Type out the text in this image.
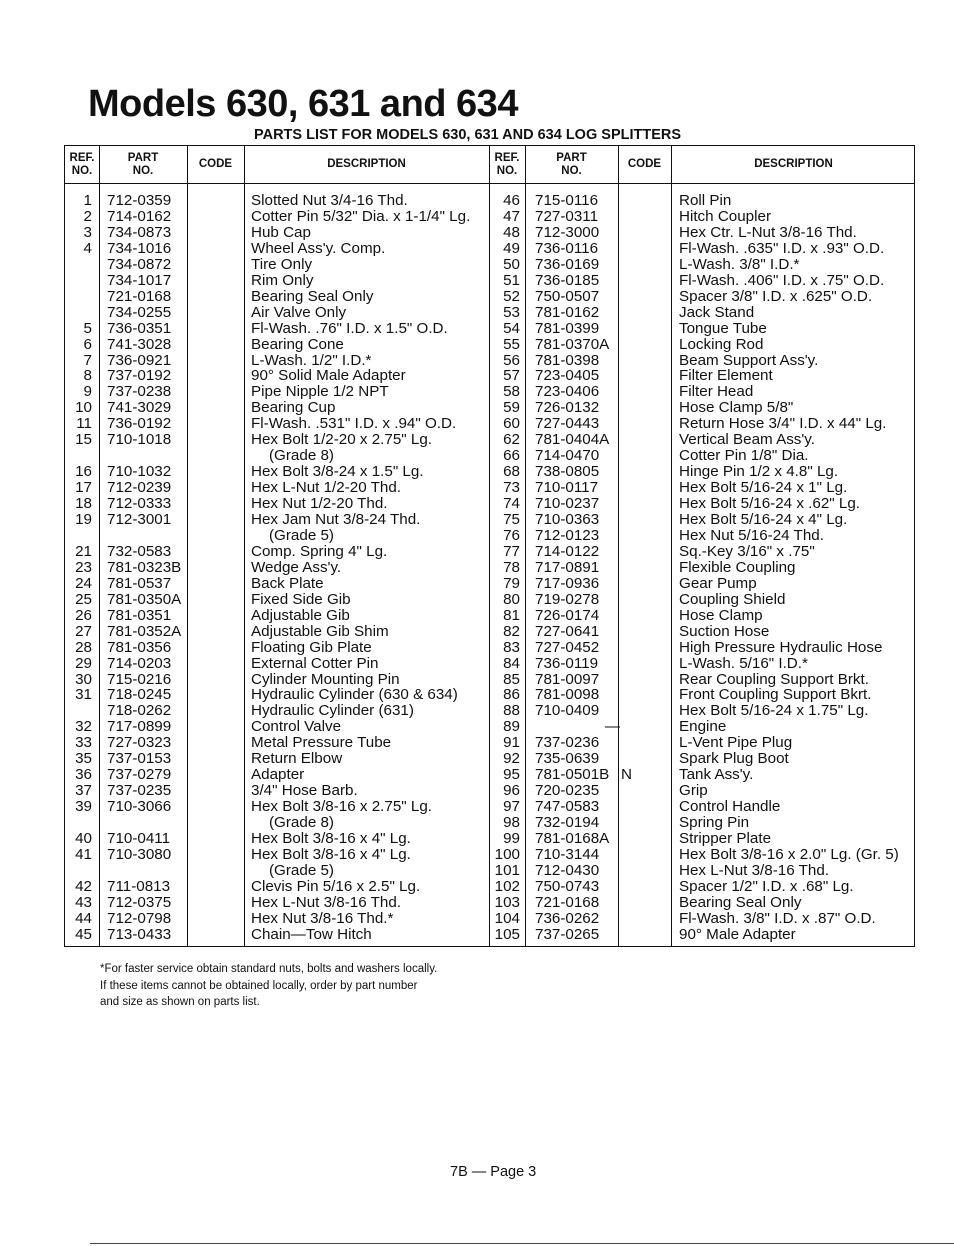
Models 630, 631 and 634
PARTS LIST FOR MODELS 630, 631 AND 634 LOG SPLITTERS
REF.
NO.
PART
NO.
CODE	DESCRIPTION
REF.
NO.
PART
NO.
CODE	DESCRIPTION
1 712-0359	Slotted Nut 3/4-16 Thd.
2 714-0162	Cotter Pin 5/32" Dia. x 1-1/4" Lg.
3 734-0873	Hub Cap
4 734-1016	Wheel Ass'y. Comp.
734-0872	Tire Only
734-1017	Rim Only
721-0168	Bearing Seal Only
734-0255	Air Valve Only
5 736-0351	Fl-Wash. .76" I.D. x 1.5" O.D.
6 741-3028	Bearing Cone
7 736-0921	L-Wash. 1/2" I.D.*
8 737-0192	90° Solid Male Adapter
9 737-0238	Pipe Nipple 1/2 NPT
10 741-3029	Bearing Cup
11 736-0192	Fl-Wash. .531" I.D. x .94" O.D.
15 710-1018	Hex Bolt 1/2-20 x 2.75" Lg.
(Grade 8)
16 710-1032	Hex Bolt 3/8-24 x 1.5" Lg.
17 712-0239	Hex L-Nut 1/2-20 Thd.
18 712-0333	Hex Nut 1/2-20 Thd.
19 712-3001	Hex Jam Nut 3/8-24 Thd.
(Grade 5)
21 732-0583	Comp. Spring 4" Lg.
23 781-0323B	Wedge Ass'y.
24 781-0537	Back Plate
25 781-0350A	Fixed Side Gib
26 781-0351	Adjustable Gib
27 781-0352A	Adjustable Gib Shim
28 781-0356	Floating Gib Plate
29 714-0203	External Cotter Pin
30 715-0216	Cylinder Mounting Pin
31 718-0245	Hydraulic Cylinder (630 & 634)
718-0262	Hydraulic Cylinder (631)
32 717-0899	Control Valve
33 727-0323	Metal Pressure Tube
35 737-0153	Return Elbow
36 737-0279	Adapter
37 737-0235	3/4" Hose Barb.
39 710-3066	Hex Bolt 3/8-16 x 2.75" Lg.
(Grade 8)
40 710-0411	Hex Bolt 3/8-16 x 4" Lg.
41 710-3080	Hex Bolt 3/8-16 x 4" Lg.
(Grade 5)
42 711-0813	Clevis Pin 5/16 x 2.5" Lg.
43 712-0375	Hex L-Nut 3/8-16 Thd.
44 712-0798	Hex Nut 3/8-16 Thd.*
45 713-0433	Chain—Tow Hitch
46 715-0116	Roll Pin
47 727-0311	Hitch Coupler
48 712-3000	Hex Ctr. L-Nut 3/8-16 Thd.
49 736-0116	Fl-Wash. .635" I.D. x .93" O.D.
50 736-0169	L-Wash. 3/8" I.D.*
51 736-0185	Fl-Wash. .406" I.D. x .75" O.D.
52 750-0507	Spacer 3/8" I.D. x .625" O.D.
53 781-0162	Jack Stand
54 781-0399	Tongue Tube
55 781-0370A	Locking Rod
56 781-0398	Beam Support Ass'y.
57 723-0405	Filter Element
58 723-0406	Filter Head
59 726-0132	Hose Clamp 5/8"
60 727-0443	Return Hose 3/4" I.D. x 44" Lg.
62 781-0404A	Vertical Beam Ass'y.
66 714-0470	Cotter Pin 1/8" Dia.
68 738-0805	Hinge Pin 1/2 x 4.8" Lg.
73 710-0117	Hex Bolt 5/16-24 x 1" Lg.
74 710-0237	Hex Bolt 5/16-24 x .62" Lg.
75 710-0363	Hex Bolt 5/16-24 x 4" Lg.
76 712-0123	Hex Nut 5/16-24 Thd.
77 714-0122	Sq.-Key 3/16" x .75"
78 717-0891	Flexible Coupling
79 717-0936	Gear Pump
80 719-0278	Coupling Shield
81 726-0174	Hose Clamp
82 727-0641	Suction Hose
83 727-0452	High Pressure Hydraulic Hose
84 736-0119	L-Wash. 5/16" I.D.*
85 781-0097	Rear Coupling Support Brkt.
86 781-0098	Front Coupling Support Bkrt.
88 710-0409	Hex Bolt 5/16-24 x 1.75" Lg.
89	—	Engine
91 737-0236	L-Vent Pipe Plug
92 735-0639	Spark Plug Boot
95 781-0501B N	Tank Ass'y.
96 720-0235	Grip
97 747-0583	Control Handle
98 732-0194	Spring Pin
99 781-0168A	Stripper Plate
100 710-3144	Hex Bolt 3/8-16 x 2.0" Lg. (Gr. 5)
101 712-0430	Hex L-Nut 3/8-16 Thd.
102 750-0743	Spacer 1/2" I.D. x .68" Lg.
103 721-0168	Bearing Seal Only
104 736-0262	Fl-Wash. 3/8" I.D. x .87" O.D.
105 737-0265	90° Male Adapter
*For faster service obtain standard nuts, bolts and washers locally.
If these items cannot be obtained locally, order by part number
and size as shown on parts list.
7B — Page 3
